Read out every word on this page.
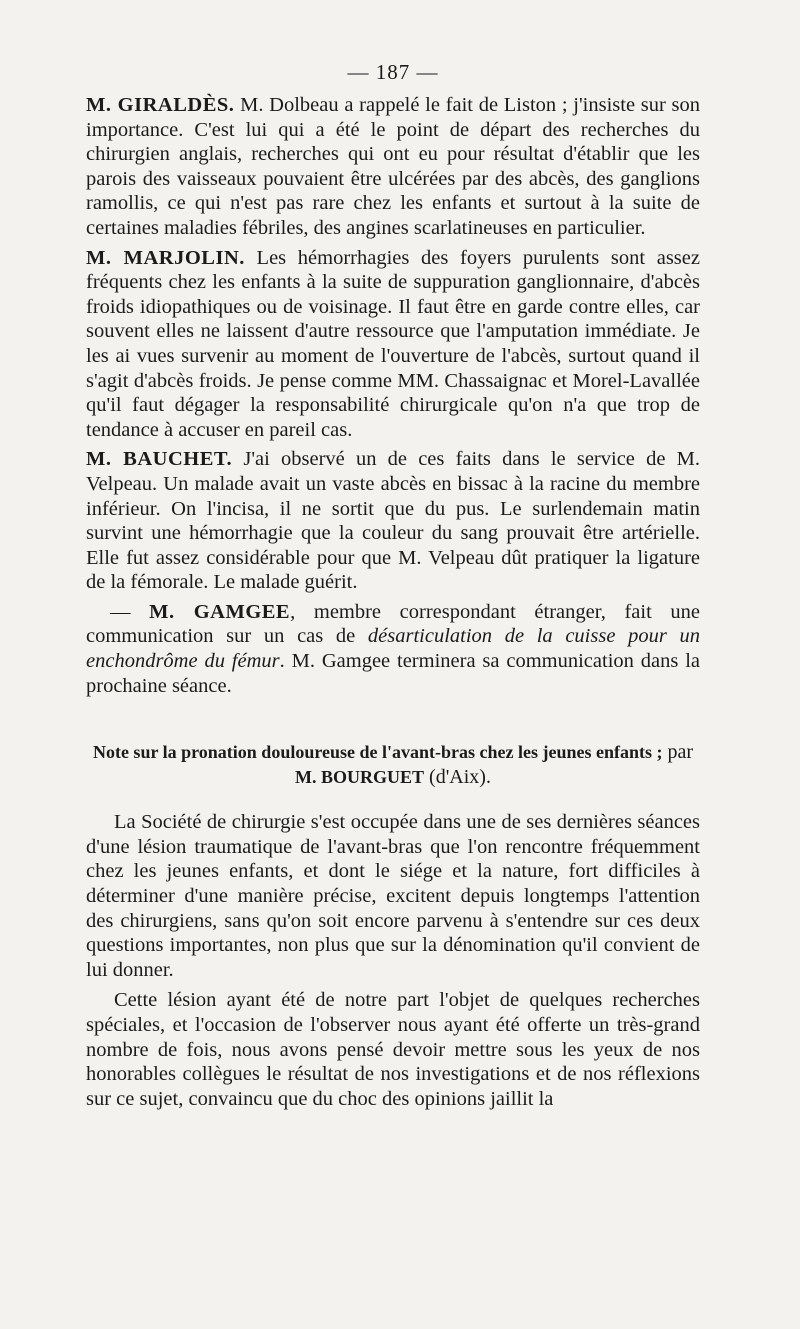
— 187 —

M. GIRALDÈS. M. Dolbeau a rappelé le fait de Liston ; j'insiste sur son importance. C'est lui qui a été le point de départ des recherches du chirurgien anglais, recherches qui ont eu pour résultat d'établir que les parois des vaisseaux pouvaient être ulcérées par des abcès, des ganglions ramollis, ce qui n'est pas rare chez les enfants et surtout à la suite de certaines maladies fébriles, des angines scarlatineuses en particulier.

M. MARJOLIN. Les hémorrhagies des foyers purulents sont assez fréquents chez les enfants à la suite de suppuration ganglionnaire, d'abcès froids idiopathiques ou de voisinage. Il faut être en garde contre elles, car souvent elles ne laissent d'autre ressource que l'amputation immédiate. Je les ai vues survenir au moment de l'ouverture de l'abcès, surtout quand il s'agit d'abcès froids. Je pense comme MM. Chassaignac et Morel-Lavallée qu'il faut dégager la responsabilité chirurgicale qu'on n'a que trop de tendance à accuser en pareil cas.

M. BAUCHET. J'ai observé un de ces faits dans le service de M. Velpeau. Un malade avait un vaste abcès en bissac à la racine du membre inférieur. On l'incisa, il ne sortit que du pus. Le surlendemain matin survint une hémorrhagie que la couleur du sang prouvait être artérielle. Elle fut assez considérable pour que M. Velpeau dût pratiquer la ligature de la fémorale. Le malade guérit.

— M. GAMGEE, membre correspondant étranger, fait une communication sur un cas de désarticulation de la cuisse pour un enchondrôme du fémur. M. Gamgee terminera sa communication dans la prochaine séance.

Note sur la pronation douloureuse de l'avant-bras chez les jeunes enfants ; par M. BOURGUET (d'Aix).

La Société de chirurgie s'est occupée dans une de ses dernières séances d'une lésion traumatique de l'avant-bras que l'on rencontre fréquemment chez les jeunes enfants, et dont le siége et la nature, fort difficiles à déterminer d'une manière précise, excitent depuis longtemps l'attention des chirurgiens, sans qu'on soit encore parvenu à s'entendre sur ces deux questions importantes, non plus que sur la dénomination qu'il convient de lui donner.

Cette lésion ayant été de notre part l'objet de quelques recherches spéciales, et l'occasion de l'observer nous ayant été offerte un très-grand nombre de fois, nous avons pensé devoir mettre sous les yeux de nos honorables collègues le résultat de nos investigations et de nos réflexions sur ce sujet, convaincu que du choc des opinions jaillit la
